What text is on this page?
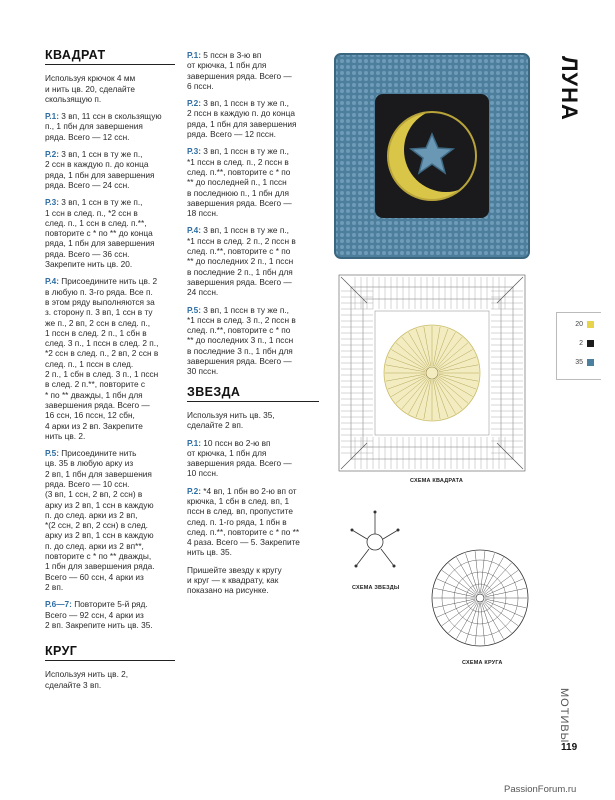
КВАДРАТ

Используя крючок 4 мм
и нить цв. 20, сделайте
скользящую п.

Р.1: 3 вп, 11 ссн в скользящую
п., 1 пбн для завершения
ряда. Всего — 12 ссн.

Р.2: 3 вп, 1 ссн в ту же п.,
2 ссн в каждую п. до конца
ряда, 1 пбн для завершения
ряда. Всего — 24 ссн.

Р.3: 3 вп, 1 ссн в ту же п.,
1 ссн в след. п., *2 ссн в
след. п., 1 ссн в след. п.**,
повторите с * по ** до конца
ряда, 1 пбн для завершения
ряда. Всего — 36 ссн.
Закрепите нить цв. 20.

Р.4: Присоедините нить цв. 2
в любую п. 3-го ряда. Все п.
в этом ряду выполняются за
з. сторону п. 3 вп, 1 ссн в ту
же п., 2 вп, 2 ссн в след. п.,
1 пссн в след. 2 п., 1 сбн в
след. 3 п., 1 пссн в след. 2 п.,
*2 ссн в след. п., 2 вп, 2 ссн в
след. п., 1 пссн в след.
2 п., 1 сбн в след. 3 п., 1 пссн
в след. 2 п.**, повторите с
* по ** дважды, 1 пбн для
завершения ряда. Всего —
16 ссн, 16 пссн, 12 сбн,
4 арки из 2 вп. Закрепите
нить цв. 2.

Р.5: Присоедините нить
цв. 35 в любую арку из
2 вп, 1 пбн для завершения
ряда. Всего — 10 ссн.
(3 вп, 1 ссн, 2 вп, 2 ссн) в
арку из 2 вп, 1 ссн в каждую
п. до след. арки из 2 вп,
*(2 ссн, 2 вп, 2 ссн) в след.
арку из 2 вп, 1 ссн в каждую
п. до след. арки из 2 вп**,
повторите с * по ** дважды,
1 пбн для завершения ряда.
Всего — 60 ссн, 4 арки из
2 вп.

Р.6—7: Повторите 5-й ряд.
Всего — 92 ссн, 4 арки из
2 вп. Закрепите нить цв. 35.

КРУГ

Используя нить цв. 2,
сделайте 3 вп.

Р.1: 5 пссн в 3-ю вп
от крючка, 1 пбн для
завершения ряда. Всего —
6 пссн.

Р.2: 3 вп, 1 пссн в ту же п.,
2 пссн в каждую п. до конца
ряда, 1 пбн для завершения
ряда. Всего — 12 пссн.

Р.3: 3 вп, 1 пссн в ту же п.,
*1 пссн в след. п., 2 пссн в
след. п.**, повторите с * по
** до последней п., 1 пссн
в последнюю п., 1 пбн для
завершения ряда. Всего —
18 пссн.

Р.4: 3 вп, 1 пссн в ту же п.,
*1 пссн в след. 2 п., 2 пссн в
след. п.**, повторите с * по
** до последних 2 п., 1 пссн
в последние 2 п., 1 пбн для
завершения ряда. Всего —
24 пссн.

Р.5: 3 вп, 1 пссн в ту же п.,
*1 пссн в след. 3 п., 2 пссн в
след. п.**, повторите с * по
** до последних 3 п., 1 пссн
в последние 3 п., 1 пбн для
завершения ряда. Всего —
30 пссн.

ЗВЕЗДА

Используя нить цв. 35,
сделайте 2 вп.

Р.1: 10 пссн во 2-ю вп
от крючка, 1 пбн для
завершения ряда. Всего —
10 пссн.

Р.2: *4 вп, 1 пбн во 2-ю вп от
крючка, 1 сбн в след. вп, 1
пссн в след. вп, пропустите
след. п. 1-го ряда, 1 пбн в
след. п.**, повторите с * по **
4 раза. Всего — 5. Закрепите
нить цв. 35.

Пришейте звезду к кругу
и круг — к квадрату, как
показано на рисунке.

ЛУНА
СХЕМА КВАДРАТА
СХЕМА ЗВЕЗДЫ
СХЕМА КРУГА
20
2
35
МОТИВЫ
119
PassionForum.ru
